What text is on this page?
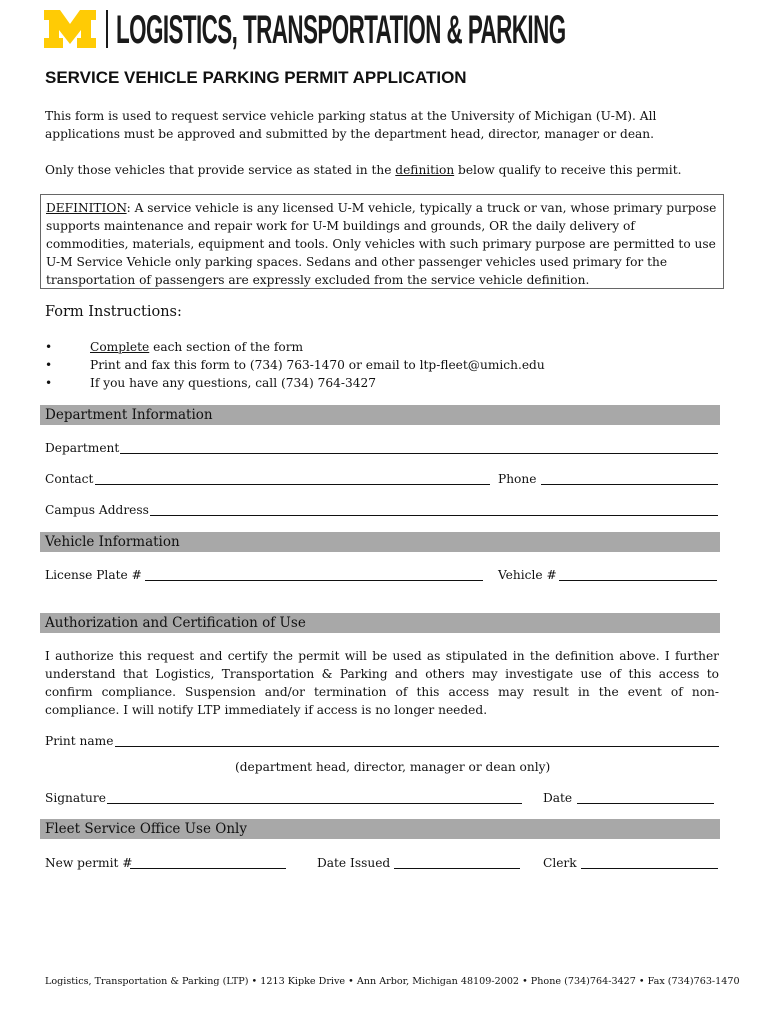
LOGISTICS, TRANSPORTATION & PARKING
SERVICE VEHICLE PARKING PERMIT APPLICATION

This form is used to request service vehicle parking status at the University of Michigan (U-M). All applications must be approved and submitted by the department head, director, manager or dean.

Only those vehicles that provide service as stated in the definition below qualify to receive this permit.

DEFINITION: A service vehicle is any licensed U-M vehicle, typically a truck or van, whose primary purpose supports maintenance and repair work for U-M buildings and grounds, OR the daily delivery of commodities, materials, equipment and tools. Only vehicles with such primary purpose are permitted to use U-M Service Vehicle only parking spaces. Sedans and other passenger vehicles used primary for the transportation of passengers are expressly excluded from the service vehicle definition.
Form Instructions:
•	Complete each section of the form
•	Print and fax this form to (734) 763-1470 or email to ltp-fleet@umich.edu
•	If you have any questions, call (734) 764-3427
Department Information
Department
Contact	Phone
Campus Address
Vehicle Information
License Plate #	Vehicle #
Authorization and Certification of Use

I authorize this request and certify the permit will be used as stipulated in the definition above. I further understand that Logistics, Transportation & Parking and others may investigate use of this access to confirm compliance. Suspension and/or termination of this access may result in the event of non-compliance. I will notify LTP immediately if access is no longer needed.

Print name
(department head, director, manager or dean only)
Signature	Date
Fleet Service Office Use Only
New permit #	Date Issued	Clerk
Logistics, Transportation & Parking (LTP) • 1213 Kipke Drive • Ann Arbor, Michigan 48109-2002 • Phone (734)764-3427 • Fax (734)763-1470
